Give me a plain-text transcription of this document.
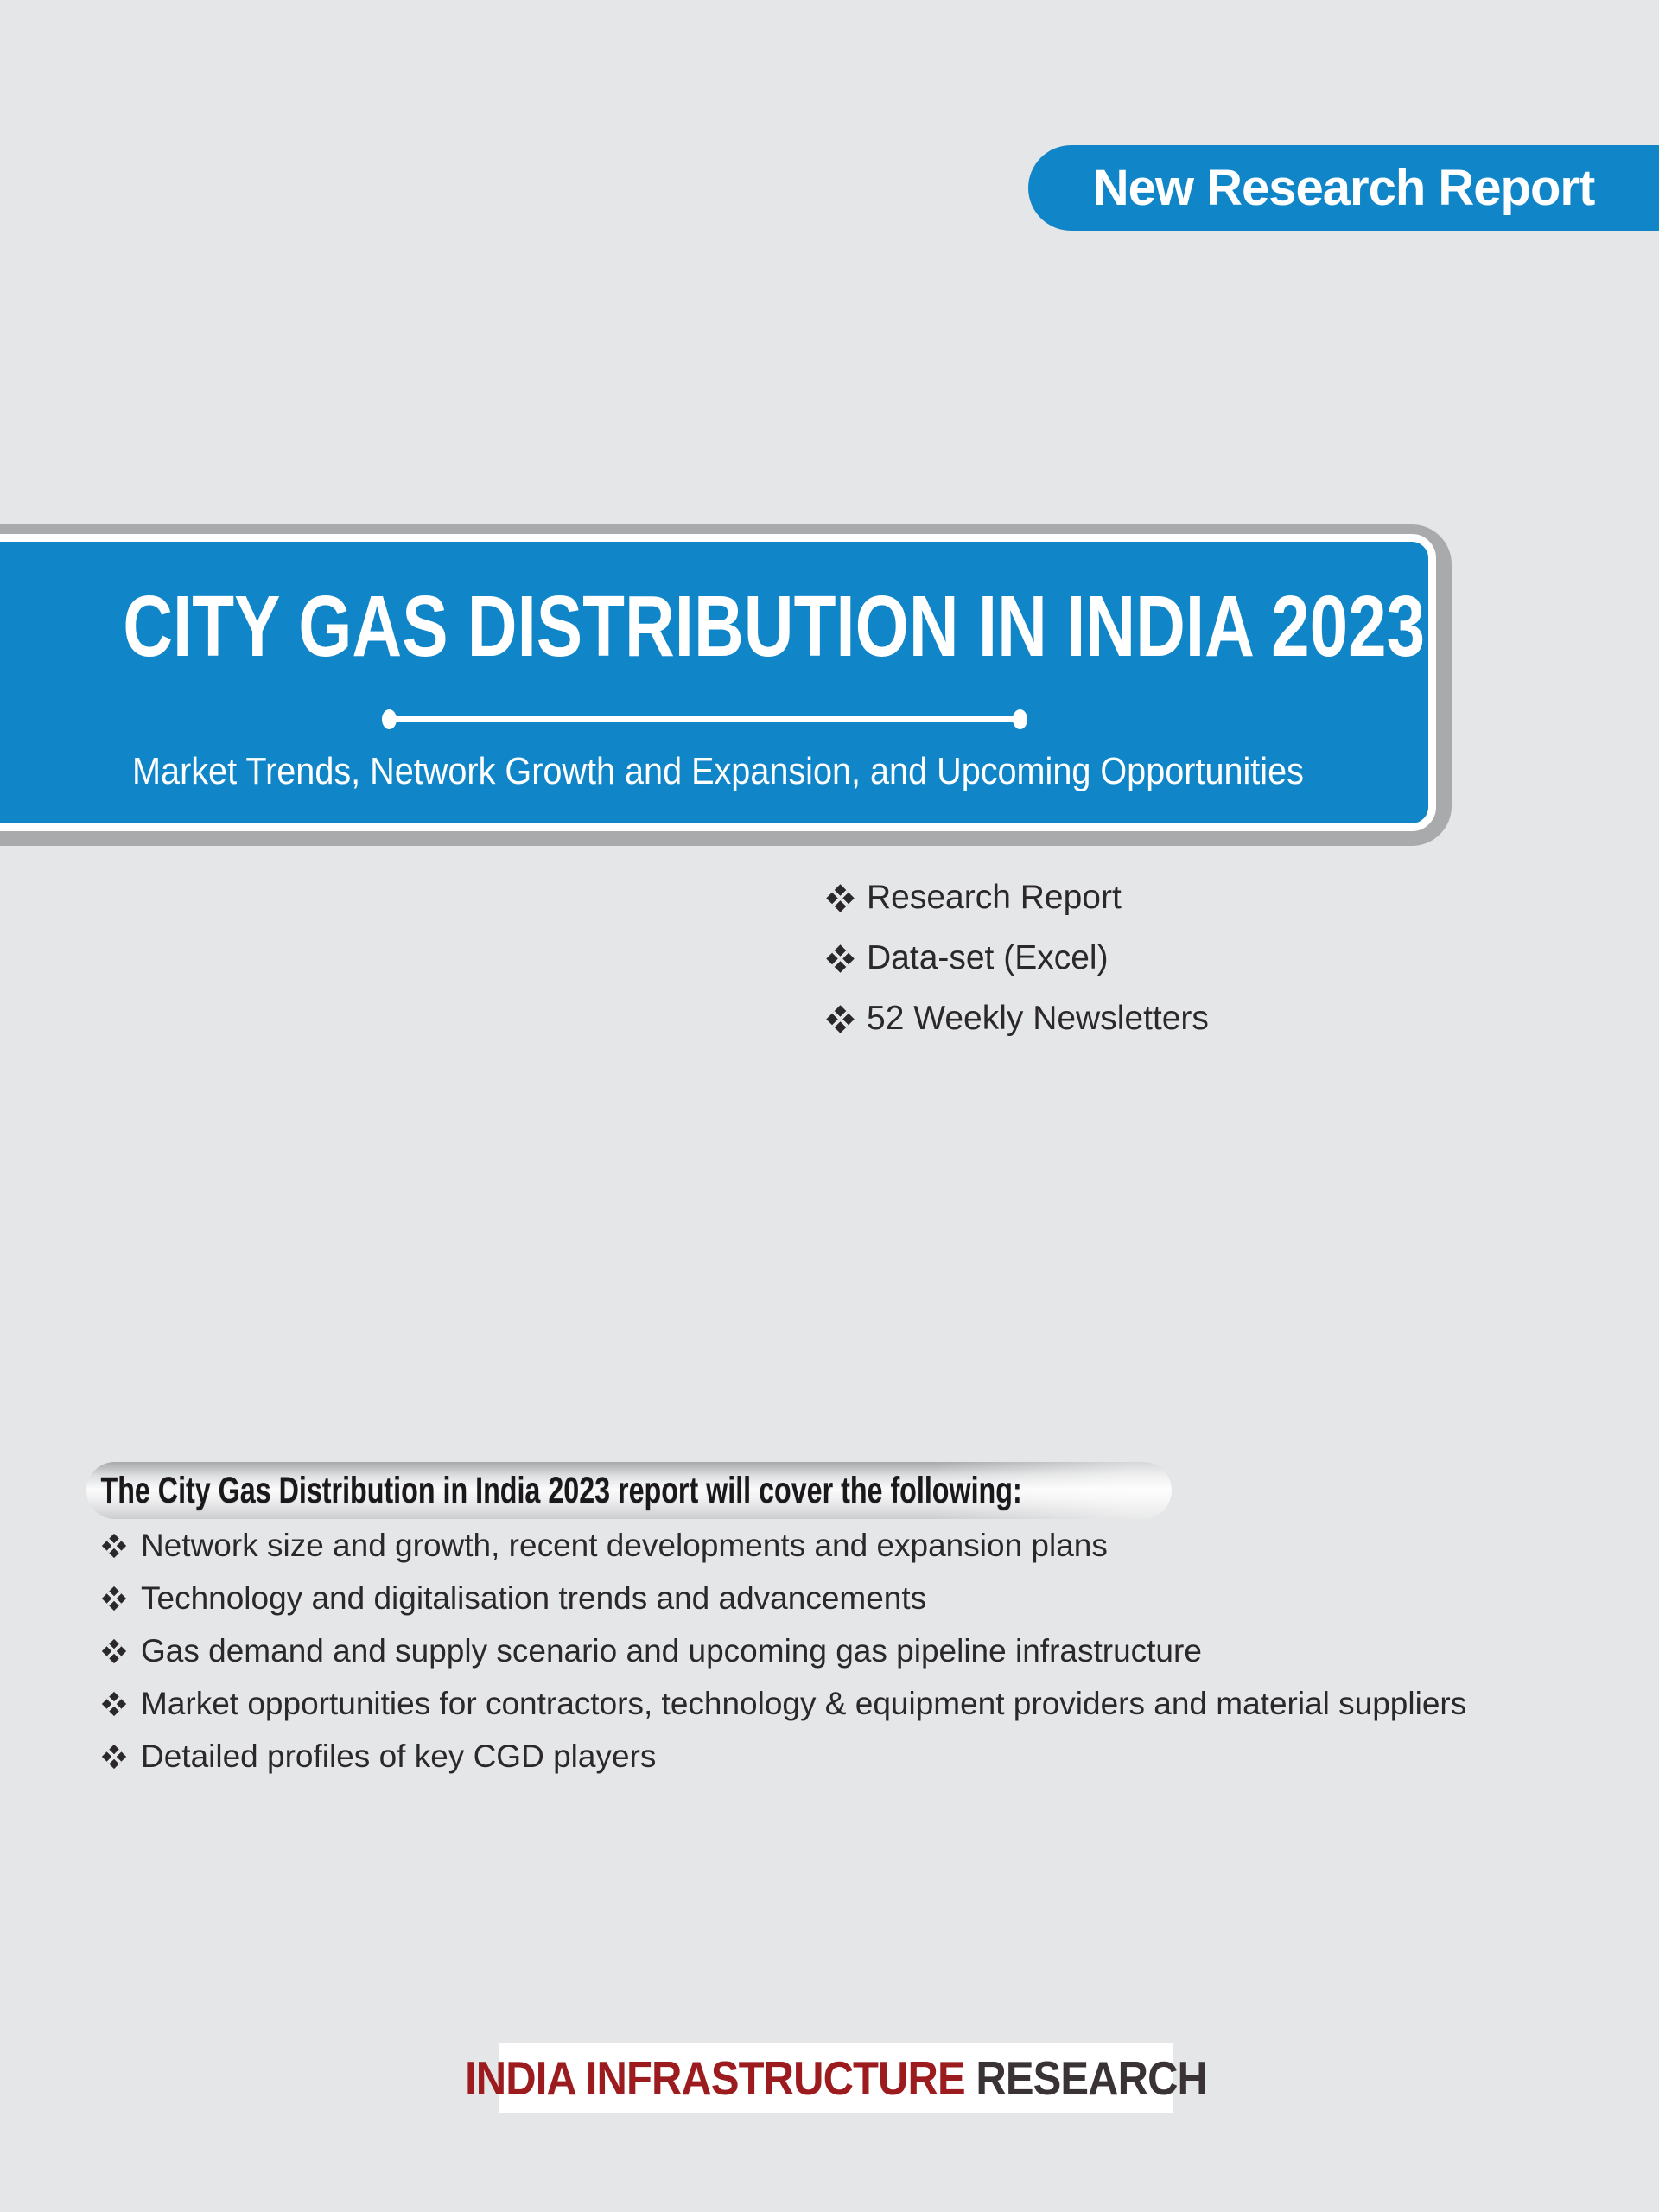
New Research Report
CITY GAS DISTRIBUTION IN INDIA 2023
Market Trends, Network Growth and Expansion, and Upcoming Opportunities
Research Report
Data-set (Excel)
52 Weekly Newsletters
The City Gas Distribution in India 2023 report will cover the following:
Network size and growth, recent developments and expansion plans
Technology and digitalisation trends and advancements
Gas demand and supply scenario and upcoming gas pipeline infrastructure
Market opportunities for contractors, technology & equipment providers and material suppliers
Detailed profiles of key CGD players
INDIA INFRASTRUCTURE RESEARCH
